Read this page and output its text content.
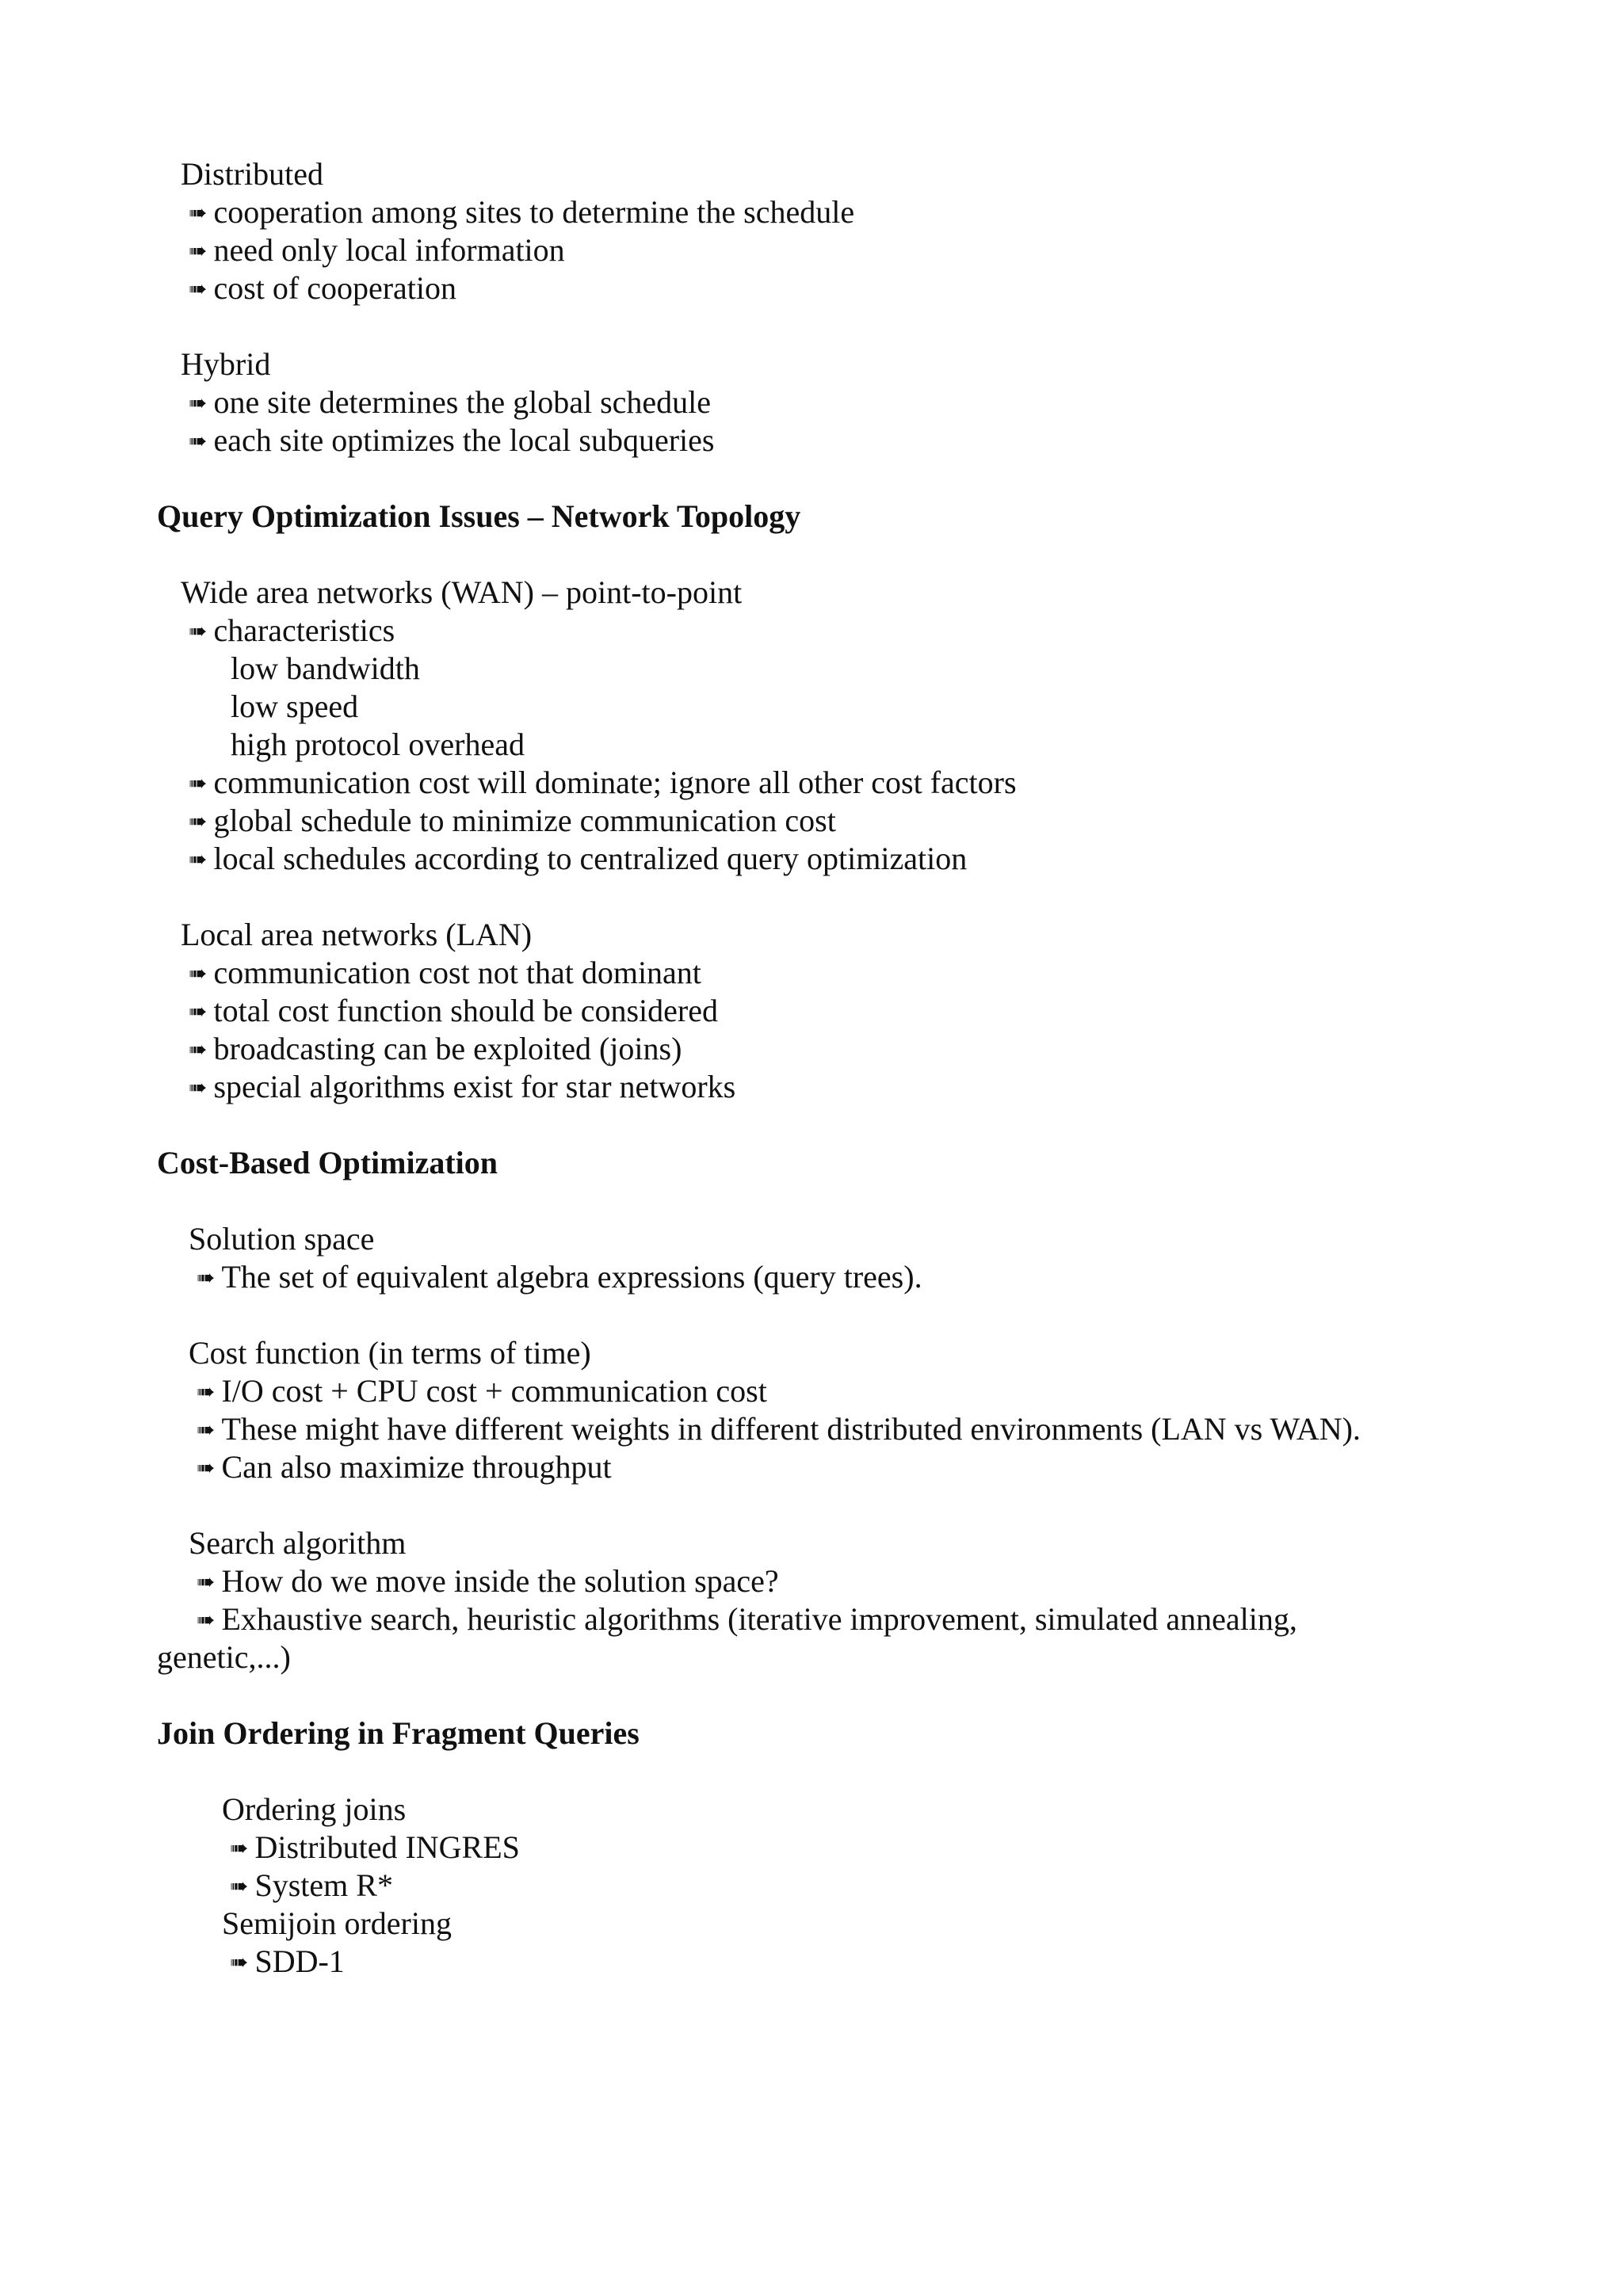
Distributed
➠ cooperation among sites to determine the schedule
➠ need only local information
➠ cost of cooperation
Hybrid
➠ one site determines the global schedule
➠ each site optimizes the local subqueries
Query Optimization Issues – Network Topology
Wide area networks (WAN) – point-to-point
➠ characteristics
low bandwidth
low speed
high protocol overhead
➠ communication cost will dominate; ignore all other cost factors
➠ global schedule to minimize communication cost
➠ local schedules according to centralized query optimization
Local area networks (LAN)
➠ communication cost not that dominant
➠ total cost function should be considered
➠ broadcasting can be exploited (joins)
➠ special algorithms exist for star networks
Cost-Based Optimization
Solution space
➠ The set of equivalent algebra expressions (query trees).
Cost function (in terms of time)
➠ I/O cost + CPU cost + communication cost
➠ These might have different weights in different distributed environments (LAN vs WAN).
➠ Can also maximize throughput
Search algorithm
➠ How do we move inside the solution space?
➠ Exhaustive search, heuristic algorithms (iterative improvement, simulated annealing,
genetic,...)
Join Ordering in Fragment Queries
Ordering joins
➠ Distributed INGRES
➠ System R*
Semijoin ordering
➠ SDD-1
